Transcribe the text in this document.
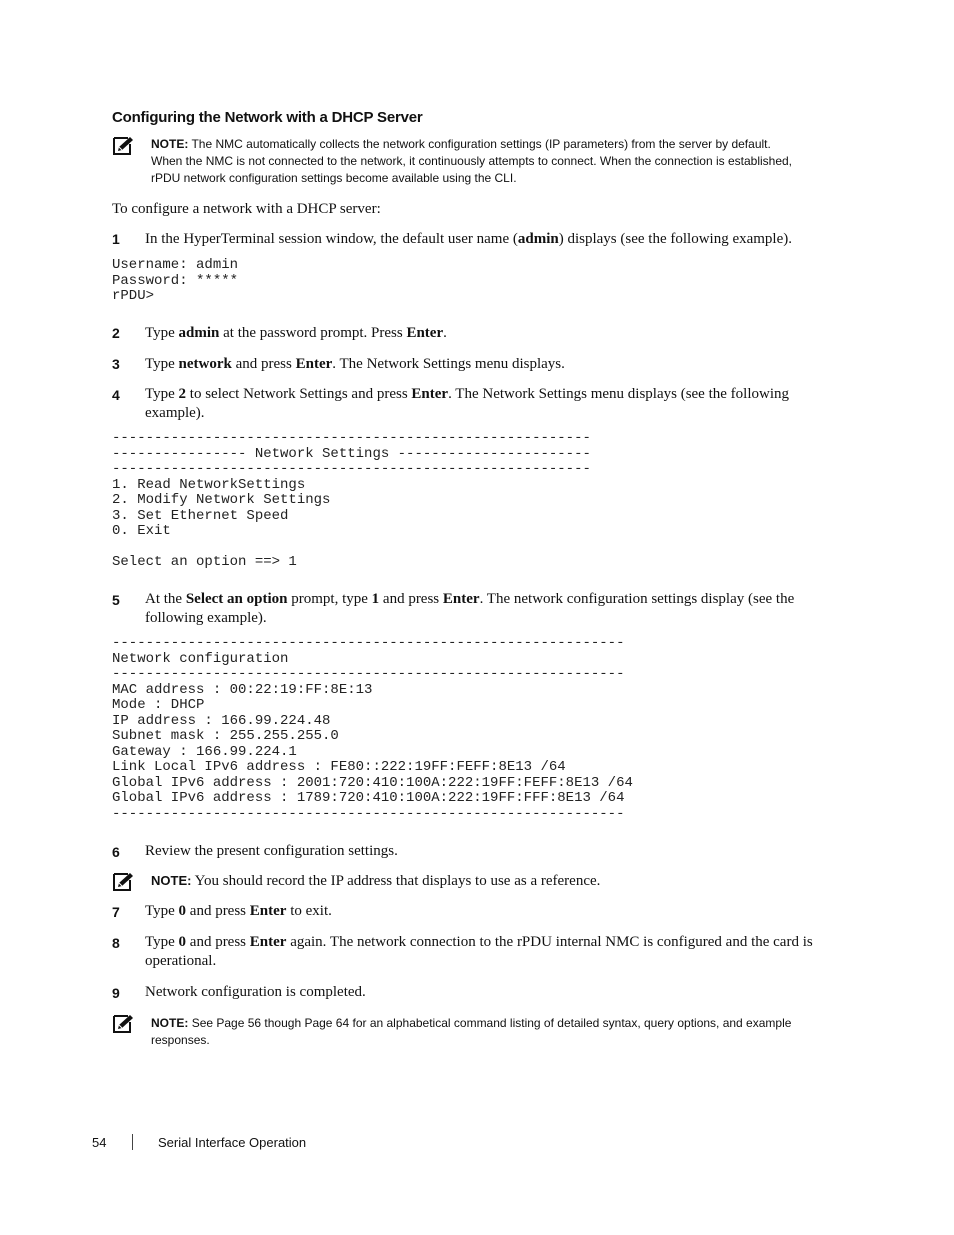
Configuring the Network with a DHCP Server
NOTE: The NMC automatically collects the network configuration settings (IP parameters) from the server by default.
When the NMC is not connected to the network, it continuously attempts to connect. When the connection is established,
rPDU network configuration settings become available using the CLI.
To configure a network with a DHCP server:
1 In the HyperTerminal session window, the default user name (admin) displays (see the following example).
Username: admin
Password: *****
rPDU>
2 Type admin at the password prompt. Press Enter.
3 Type network and press Enter. The Network Settings menu displays.
4 Type 2 to select Network Settings and press Enter. The Network Settings menu displays (see the following example).
---------------------------------------------------------
---------------- Network Settings -----------------------
---------------------------------------------------------
1. Read NetworkSettings
2. Modify Network Settings
3. Set Ethernet Speed
0. Exit

Select an option ==> 1
5 At the Select an option prompt, type 1 and press Enter. The network configuration settings display (see the following example).
-------------------------------------------------------------
Network configuration
-------------------------------------------------------------
MAC address : 00:22:19:FF:8E:13
Mode : DHCP
IP address : 166.99.224.48
Subnet mask : 255.255.255.0
Gateway : 166.99.224.1
Link Local IPv6 address : FE80::222:19FF:FEFF:8E13 /64
Global IPv6 address : 2001:720:410:100A:222:19FF:FEFF:8E13 /64
Global IPv6 address : 1789:720:410:100A:222:19FF:FFF:8E13 /64
-------------------------------------------------------------
6 Review the present configuration settings.
NOTE: You should record the IP address that displays to use as a reference.
7 Type 0 and press Enter to exit.
8 Type 0 and press Enter again. The network connection to the rPDU internal NMC is configured and the card is operational.
9 Network configuration is completed.
NOTE: See Page 56 though Page 64 for an alphabetical command listing of detailed syntax, query options, and example
responses.
54	Serial Interface Operation
